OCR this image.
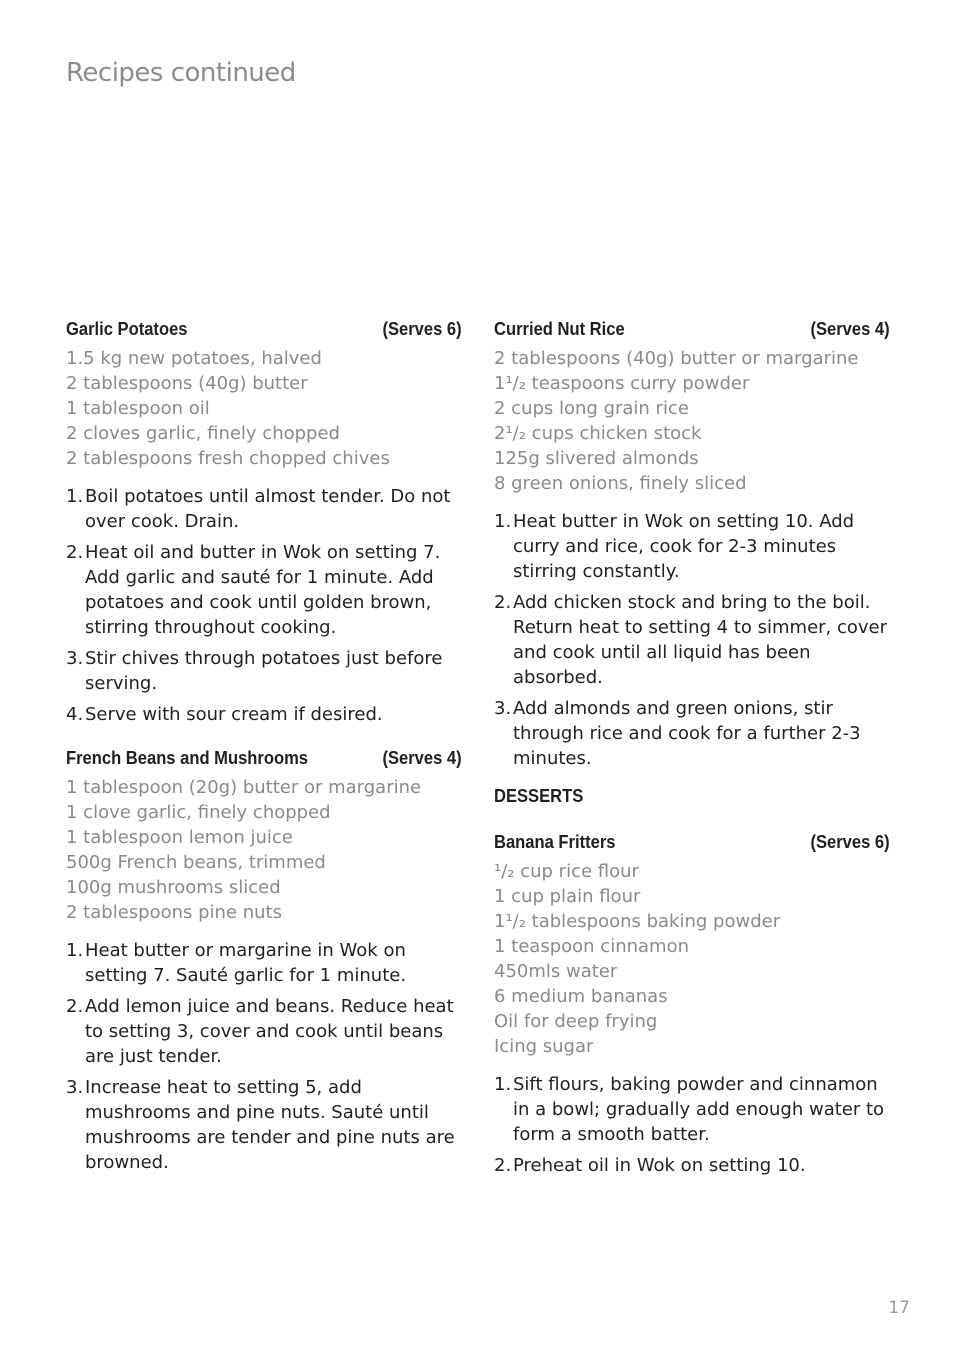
Recipes continued
Garlic Potatoes	(Serves 6)
1.5 kg new potatoes, halved
2 tablespoons (40g) butter
1 tablespoon oil
2 cloves garlic, finely chopped
2 tablespoons fresh chopped chives
1. Boil potatoes until almost tender. Do not over cook. Drain.
2. Heat oil and butter in Wok on setting 7. Add garlic and sauté for 1 minute. Add potatoes and cook until golden brown, stirring throughout cooking.
3. Stir chives through potatoes just before serving.
4. Serve with sour cream if desired.
French Beans and Mushrooms	(Serves 4)
1 tablespoon (20g) butter or margarine
1 clove garlic, finely chopped
1 tablespoon lemon juice
500g French beans, trimmed
100g mushrooms sliced
2 tablespoons pine nuts
1. Heat butter or margarine in Wok on setting 7. Sauté garlic for 1 minute.
2. Add lemon juice and beans. Reduce heat to setting 3, cover and cook until beans are just tender.
3. Increase heat to setting 5, add mushrooms and pine nuts. Sauté until mushrooms are tender and pine nuts are browned.
Curried Nut Rice	(Serves 4)
2 tablespoons (40g) butter or margarine
1¹/₂ teaspoons curry powder
2 cups long grain rice
2¹/₂ cups chicken stock
125g slivered almonds
8 green onions, finely sliced
1. Heat butter in Wok on setting 10. Add curry and rice, cook for 2-3 minutes stirring constantly.
2. Add chicken stock and bring to the boil. Return heat to setting 4 to simmer, cover and cook until all liquid has been absorbed.
3. Add almonds and green onions, stir through rice and cook for a further 2-3 minutes.
DESSERTS
Banana Fritters	(Serves 6)
¹/₂ cup rice flour
1 cup plain flour
1¹/₂ tablespoons baking powder
1 teaspoon cinnamon
450mls water
6 medium bananas
Oil for deep frying
Icing sugar
1. Sift flours, baking powder and cinnamon in a bowl; gradually add enough water to form a smooth batter.
2. Preheat oil in Wok on setting 10.
17
